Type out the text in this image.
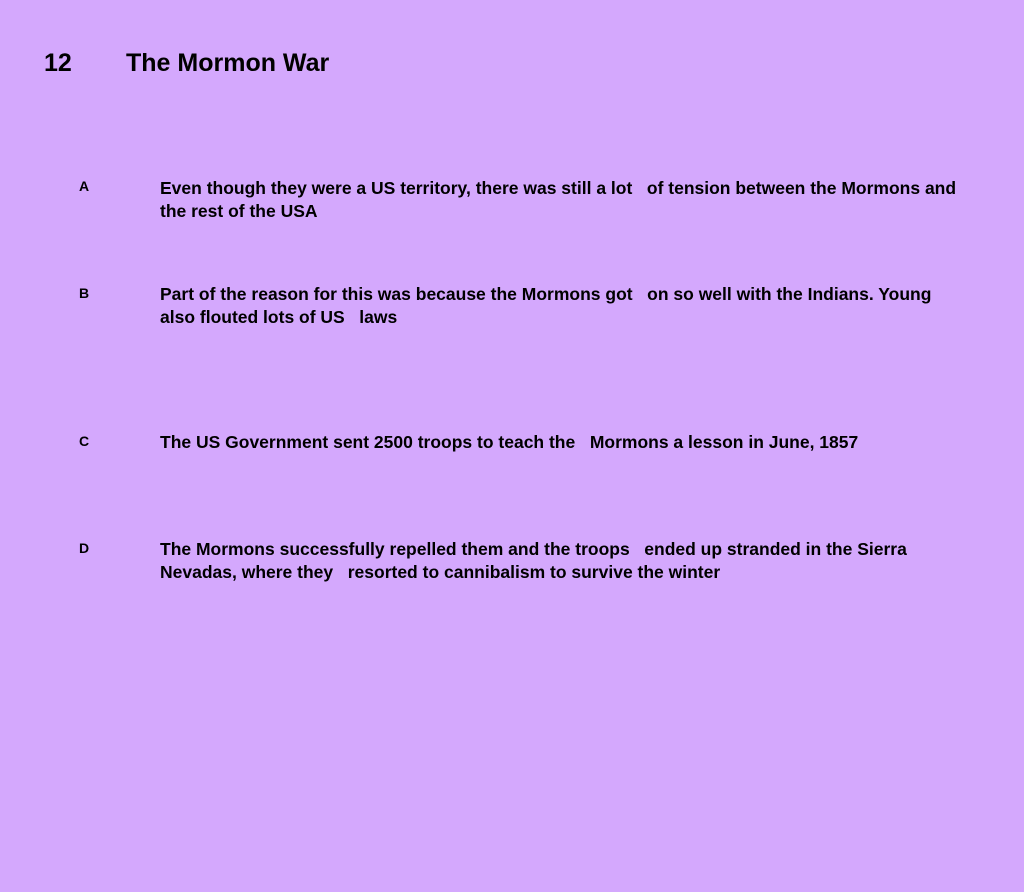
12 The Mormon War
A	Even though they were a US territory, there was still a lot   of tension between the Mormons and the rest of the USA
B	Part of the reason for this was because the Mormons got   on so well with the Indians. Young also flouted lots of US   laws
C	The US Government sent 2500 troops to teach the   Mormons a lesson in June, 1857
D	The Mormons successfully repelled them and the troops   ended up stranded in the Sierra Nevadas, where they   resorted to cannibalism to survive the winter
